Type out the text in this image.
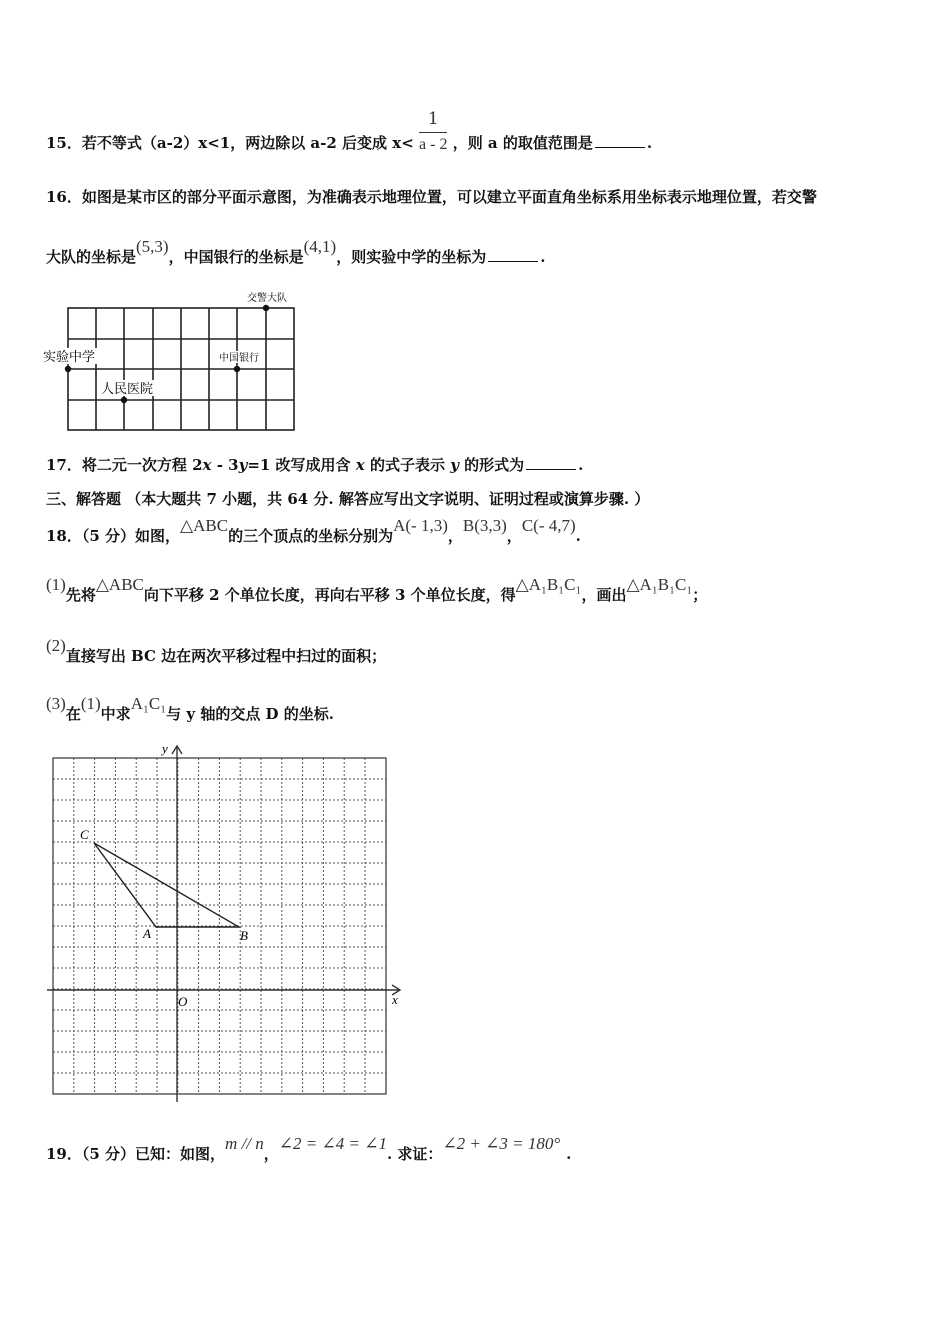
15．若不等式（a-2）x<1，两边除以 a-2 后变成 $x< \frac{1}{a - 2}$ ，则 a 的取值范围是	.
16．如图是某市区的部分平面示意图，为准确表示地理位置，可以建立平面直角坐标系用坐标表示地理位置，若交警
大队的坐标是(5,3)，中国银行的坐标是(4,1)，则实验中学的坐标为	.
交警大队
实验中学	中国银行
人民医院
17．将二元一次方程 2x - 3y=1 改写成用含 x 的式子表示 y 的形式为	.
三、解答题 （本大题共 7 小题，共 64 分. 解答应写出文字说明、证明过程或演算步骤. ）
18．（5 分）如图，△ABC的三个顶点的坐标分别为A(- 1,3)，B(3,3)，C(- 4,7).
(1)先将△ABC向下平移 2 个单位长度，再向右平移 3 个单位长度，得△A₁B₁C₁，画出△A₁B₁C₁；
(2)直接写出 BC 边在两次平移过程中扫过的面积；
(3)在(1)中求A₁C₁与 y 轴的交点 D 的坐标.
y
x
O
A	B
C
19．（5 分）已知：如图，m // n，∠2 = ∠4 = ∠1. 求证：∠2 + ∠3 = 180°.
